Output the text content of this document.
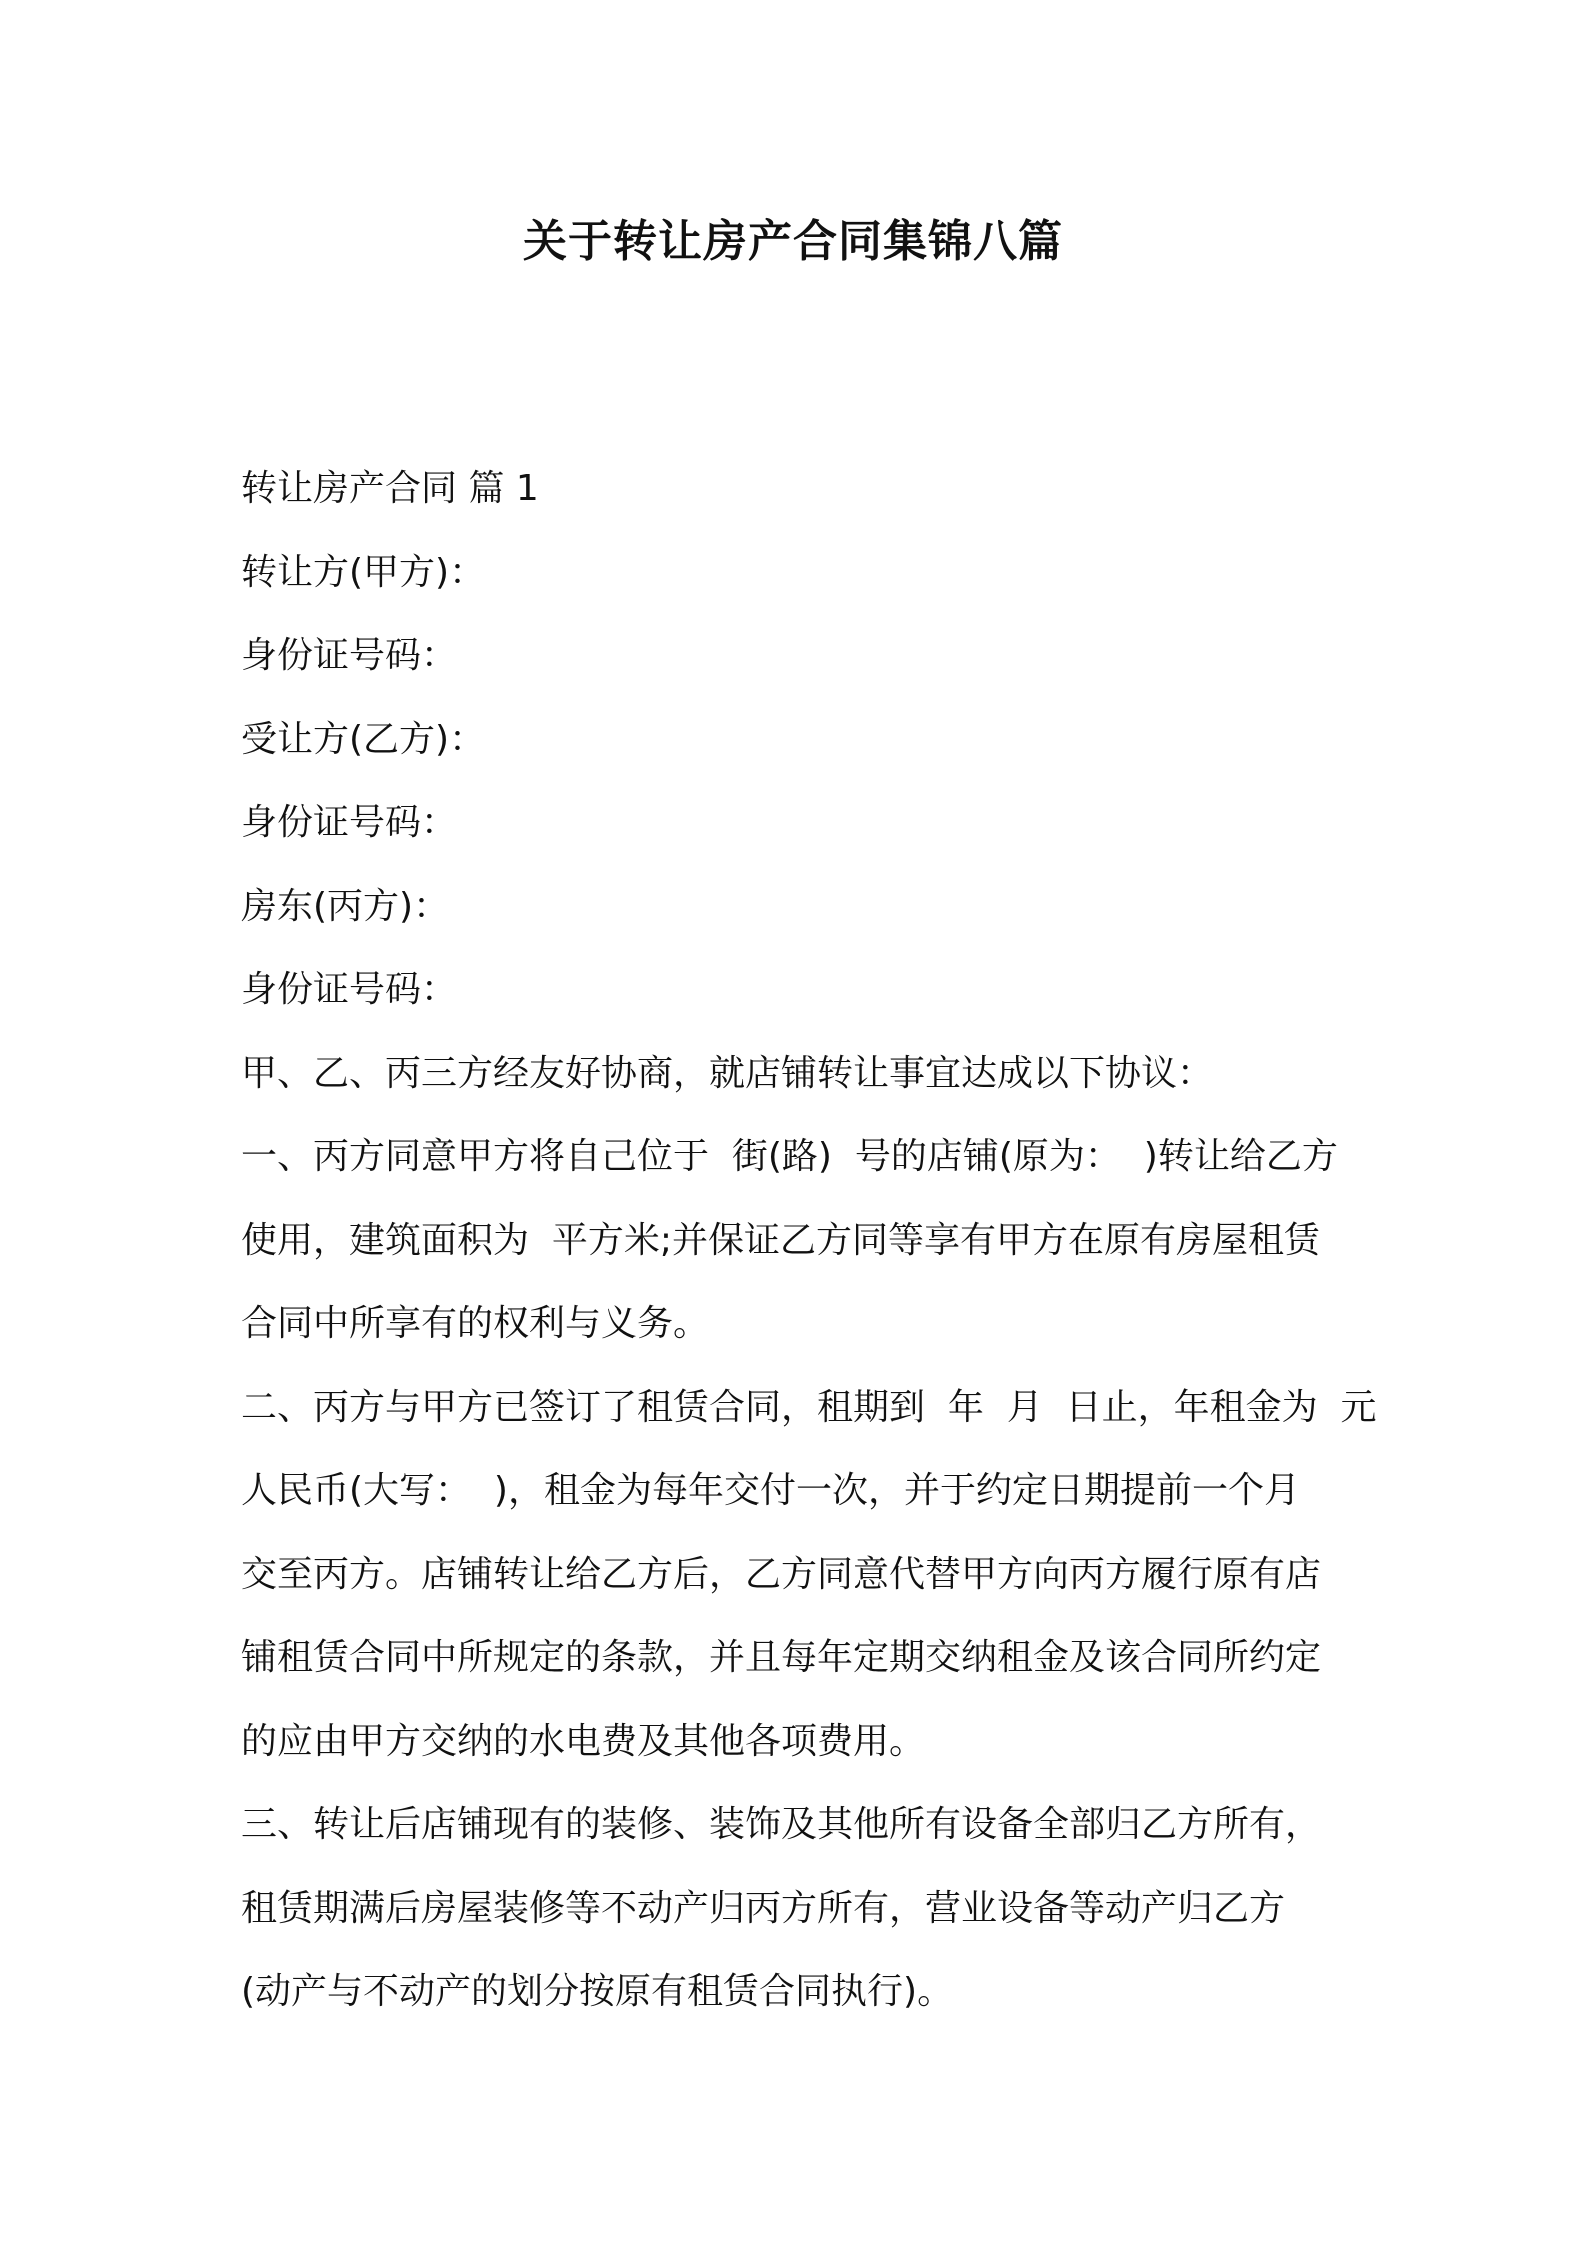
关于转让房产合同集锦八篇

转让房产合同 篇 1

转让方(甲方)：

身份证号码：

受让方(乙方)：

身份证号码：

房东(丙方)：

身份证号码：

甲、乙、丙三方经友好协商，就店铺转让事宜达成以下协议：

一、丙方同意甲方将自己位于  街(路)  号的店铺(原为：  )转让给乙方

使用，建筑面积为  平方米;并保证乙方同等享有甲方在原有房屋租赁

合同中所享有的权利与义务。

二、丙方与甲方已签订了租赁合同，租期到  年  月  日止，年租金为  元

人民币(大写：  )，租金为每年交付一次，并于约定日期提前一个月

交至丙方。店铺转让给乙方后，乙方同意代替甲方向丙方履行原有店

铺租赁合同中所规定的条款，并且每年定期交纳租金及该合同所约定

的应由甲方交纳的水电费及其他各项费用。

三、转让后店铺现有的装修、装饰及其他所有设备全部归乙方所有，

租赁期满后房屋装修等不动产归丙方所有，营业设备等动产归乙方

(动产与不动产的划分按原有租赁合同执行)。
